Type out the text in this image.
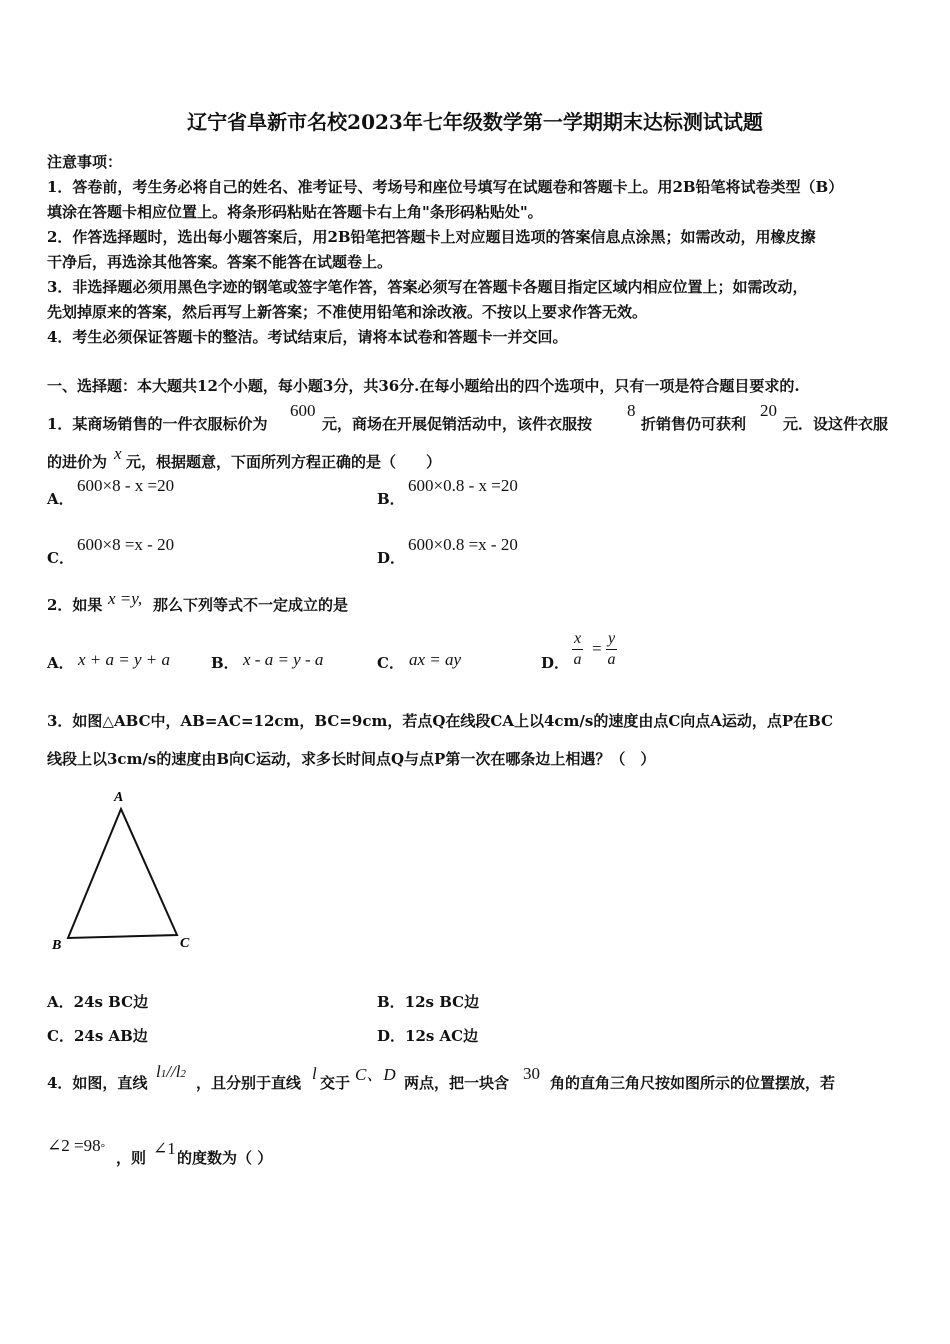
辽宁省阜新市名校2023年七年级数学第一学期期末达标测试试题
注意事项：
1．答卷前，考生务必将自己的姓名、准考证号、考场号和座位号填写在试题卷和答题卡上。用2B铅笔将试卷类型（B）
填涂在答题卡相应位置上。将条形码粘贴在答题卡右上角"条形码粘贴处"。
2．作答选择题时，选出每小题答案后，用2B铅笔把答题卡上对应题目选项的答案信息点涂黑；如需改动，用橡皮擦
干净后，再选涂其他答案。答案不能答在试题卷上。
3．非选择题必须用黑色字迹的钢笔或签字笔作答，答案必须写在答题卡各题目指定区域内相应位置上；如需改动，
先划掉原来的答案，然后再写上新答案；不准使用铅笔和涂改液。不按以上要求作答无效。
4．考生必须保证答题卡的整洁。考试结束后，请将本试卷和答题卡一并交回。
一、选择题：本大题共12个小题，每小题3分，共36分.在每小题给出的四个选项中，只有一项是符合题目要求的.
1．某商场销售的一件衣服标价为
600
元，商场在开展促销活动中，该件衣服按
8
折销售仍可获利
20
元．设这件衣服
的进价为 x 元，根据题意，下面所列方程正确的是（　　）
A．
600×8 - x =20
B．
600×0.8 - x =20
C．
600×8 =x - 20
D．
600×0.8 =x - 20
2．如果 x =y, 那么下列等式不一定成立的是
A． x + a = y + a	B． x - a = y - a	C． ax = ay	D． $\frac{x}{a} = \frac{y}{a}$
3．如图△ABC中，AB=AC=12cm，BC=9cm，若点Q在线段CA上以4cm/s的速度由点C向点A运动，点P在BC
线段上以3cm/s的速度由B向C运动，求多长时间点Q与点P第一次在哪条边上相遇？（　）
A
B	C
A．24s BC边	B．12s BC边
C．24s AB边	D．12s AC边
4．如图，直线
l1//l2 ，且分别于直线 l 交于 C、D 两点，把一块含 30 角的直角三角尺按如图所示的位置摆放，若
∠2 =98°
，则 ∠1 的度数为（ ）
